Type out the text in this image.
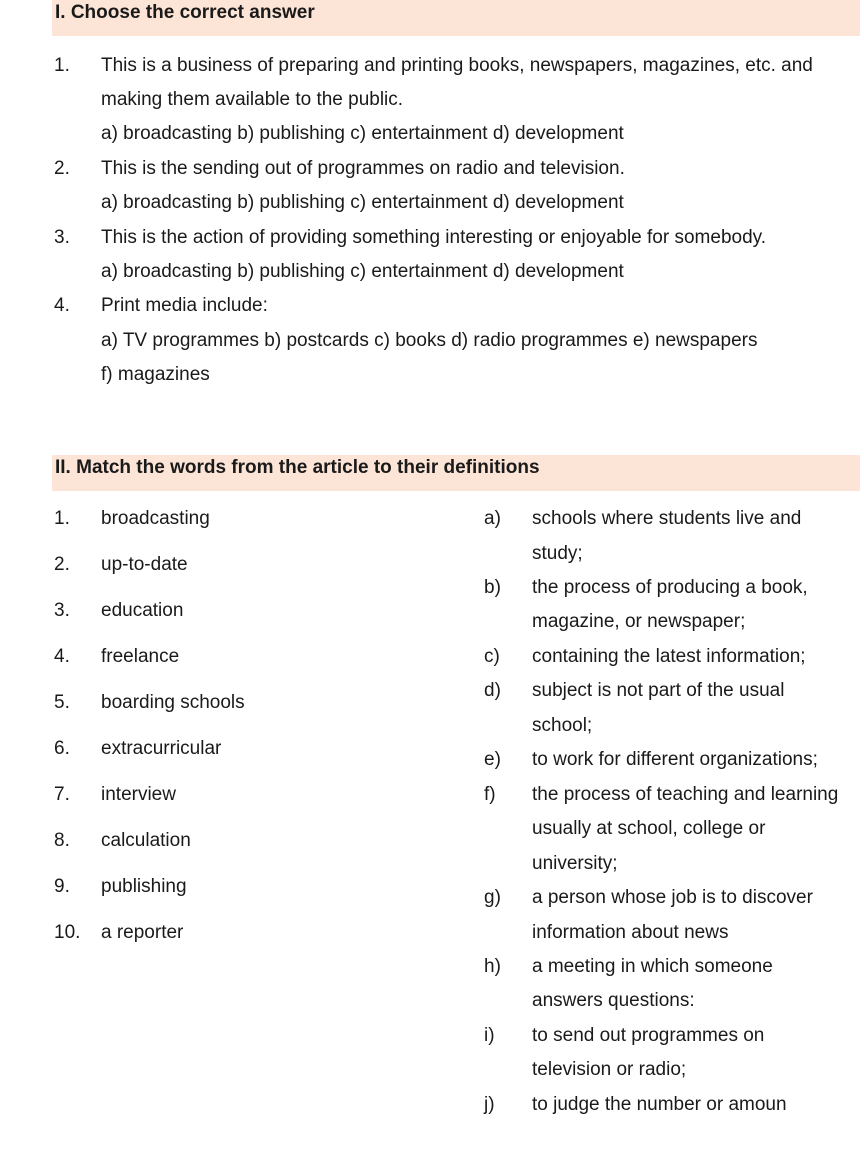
I. Choose the correct answer
1. This is a business of preparing and printing books, newspapers, magazines, etc. and
making them available to the public.
a) broadcasting b) publishing c) entertainment d) development
2. This is the sending out of programmes on radio and television.
a) broadcasting b) publishing c) entertainment d) development
3. This is the action of providing something interesting or enjoyable for somebody.
a) broadcasting b) publishing c) entertainment d) development
4. Print media include:
a) TV programmes b) postcards c) books d) radio programmes e) newspapers
f) magazines
II. Match the words from the article to their definitions
1. broadcasting
2. up-to-date
3. education
4. freelance
5. boarding schools
6. extracurricular
7. interview
8. calculation
9. publishing
10. a reporter
a) schools where students live and
study;
b) the process of producing a book,
magazine, or newspaper;
c) containing the latest information;
d) subject is not part of the usual
school;
e) to work for different organizations;
f) the process of teaching and learning
usually at school, college or
university;
g) a person whose job is to discover
information about news
h) a meeting in which someone
answers questions:
i) to send out programmes on
television or radio;
j) to judge the number or amoun
